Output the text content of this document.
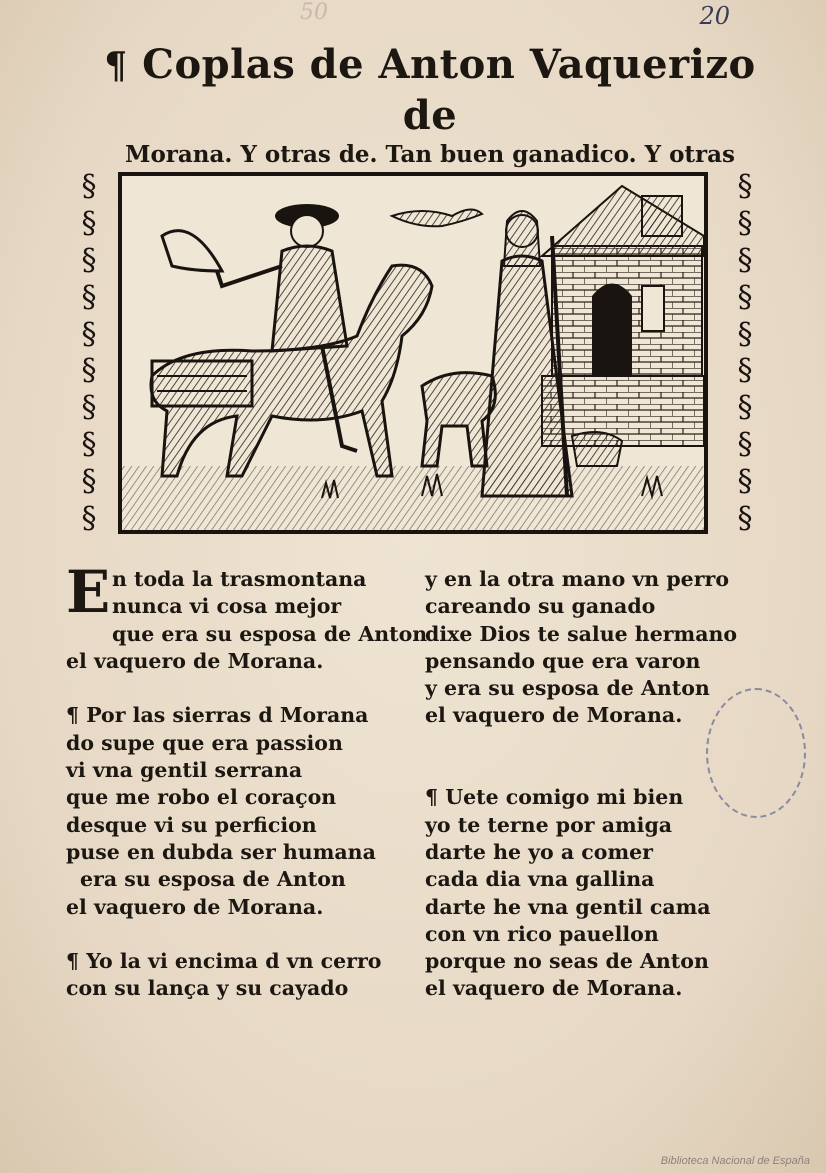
20
50
¶ Coplas de Anton Vaquerizo de
Morana. Y otras de. Tan buen ganadico. Y otras
§
§
§
§
§
§
§
§
§
§
§
§
§
§
§
§
§
§
§
§
E n toda la trasmontana
nunca vi cosa mejor
que era su esposa de Anton
el vaquero de Morana.
¶ Por las sierras d Morana
do supe que era passion
vi vna gentil serrana
que me robo el coraçon
desque vi su perficion
puse en dubda ser humana
era su esposa de Anton
el vaquero de Morana.
¶ Yo la vi encima d vn cerro
con su lança y su cayado
y en la otra mano vn perro
careando su ganado
dixe Dios te salue hermano
pensando que era varon
y era su esposa de Anton
el vaquero de Morana.
¶ Uete comigo mi bien
yo te terne por amiga
darte he yo a comer
cada dia vna gallina
darte he vna gentil cama
con vn rico pauellon
porque no seas de Anton
el vaquero de Morana.
Biblioteca Nacional de España
